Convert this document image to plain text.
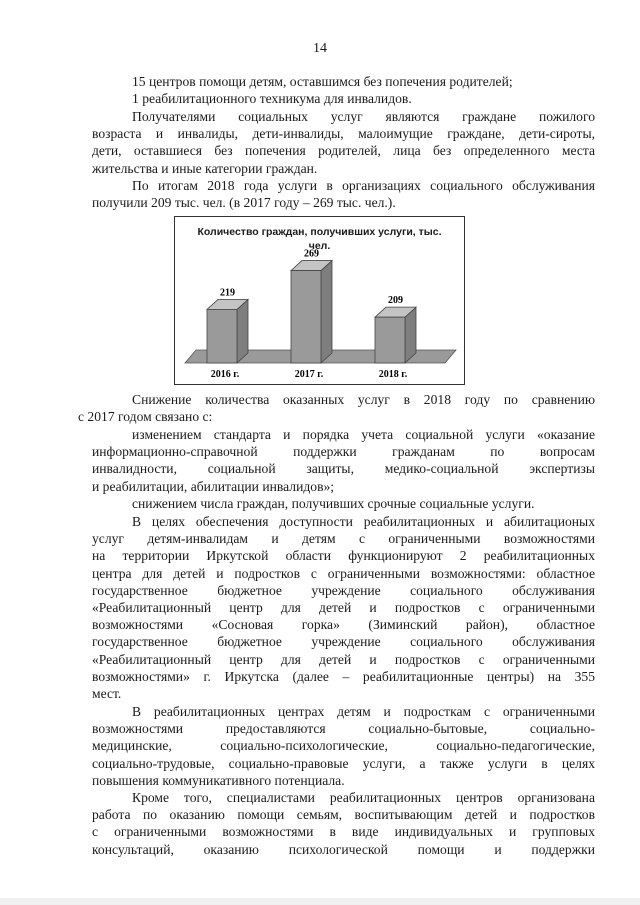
14
15 центров помощи детям, оставшимся без попечения родителей;
1 реабилитационного техникума для инвалидов.
Получателями социальных услуг являются граждане пожилого
возраста и инвалиды, дети-инвалиды, малоимущие граждане, дети-сироты,
дети, оставшиеся без попечения родителей, лица без определенного места
жительства и иные категории граждан.
По итогам 2018 года услуги в организациях социального обслуживания
получили 209 тыс. чел. (в 2017 году – 269 тыс. чел.).
Количество граждан, получивших услуги, тыс.
чел.
219
2016 г.
269
2017 г.
209
2018 г.
Снижение количества оказанных услуг в 2018 году по сравнению
с 2017 годом связано с:
изменением стандарта и порядка учета социальной услуги «оказание
информационно-справочной поддержки гражданам по вопросам
инвалидности, социальной защиты, медико-социальной экспертизы
и реабилитации, абилитации инвалидов»;
снижением числа граждан, получивших срочные социальные услуги.
В целях обеспечения доступности реабилитационных и абилитационых
услуг детям-инвалидам и детям с ограниченными возможностями
на территории Иркутской области функционируют 2 реабилитационных
центра для детей и подростков с ограниченными возможностями: областное
государственное бюджетное учреждение социального обслуживания
«Реабилитационный центр для детей и подростков с ограниченными
возможностями «Сосновая горка» (Зиминский район), областное
государственное бюджетное учреждение социального обслуживания
«Реабилитационный центр для детей и подростков с ограниченными
возможностями» г. Иркутска (далее – реабилитационные центры) на 355
мест.
В реабилитационных центрах детям и подросткам с ограниченными
возможностями предоставляются социально-бытовые, социально-
медицинские, социально-психологические, социально-педагогические,
социально-трудовые, социально-правовые услуги, а также услуги в целях
повышения коммуникативного потенциала.
Кроме того, специалистами реабилитационных центров организована
работа по оказанию помощи семьям, воспитывающим детей и подростков
с ограниченными возможностями в виде индивидуальных и групповых
консультаций, оказанию психологической помощи и поддержки
